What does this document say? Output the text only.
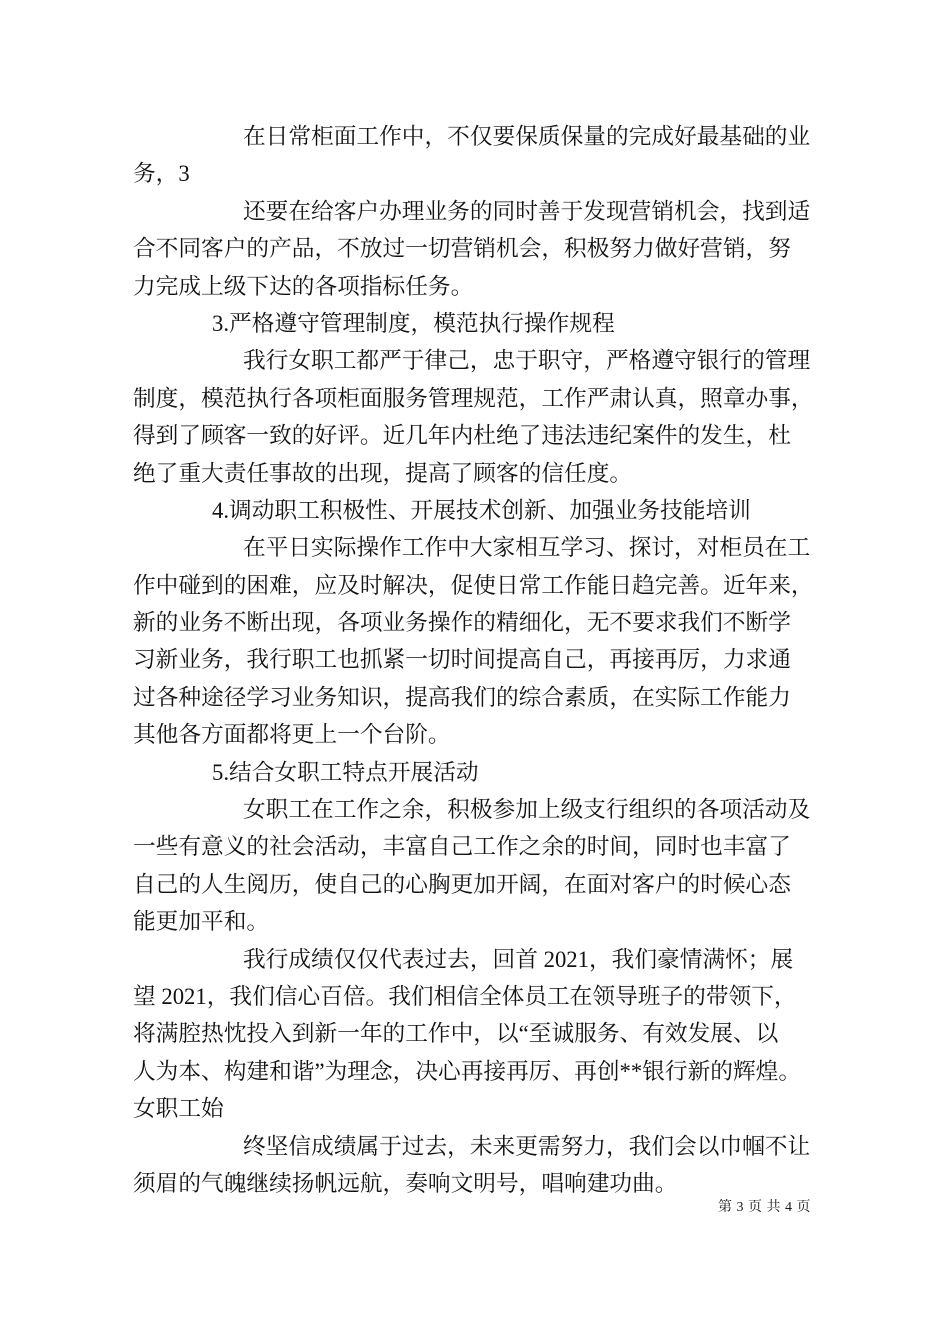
在日常柜面工作中，不仅要保质保量的完成好最基础的业
务，3
还要在给客户办理业务的同时善于发现营销机会，找到适
合不同客户的产品，不放过一切营销机会，积极努力做好营销，努
力完成上级下达的各项指标任务。
3.严格遵守管理制度，模范执行操作规程
我行女职工都严于律己，忠于职守，严格遵守银行的管理
制度，模范执行各项柜面服务管理规范，工作严肃认真，照章办事，
得到了顾客一致的好评。近几年内杜绝了违法违纪案件的发生，杜
绝了重大责任事故的出现，提高了顾客的信任度。
4.调动职工积极性、开展技术创新、加强业务技能培训
在平日实际操作工作中大家相互学习、探讨，对柜员在工
作中碰到的困难，应及时解决，促使日常工作能日趋完善。近年来，
新的业务不断出现，各项业务操作的精细化，无不要求我们不断学
习新业务，我行职工也抓紧一切时间提高自己，再接再厉，力求通
过各种途径学习业务知识，提高我们的综合素质，在实际工作能力
其他各方面都将更上一个台阶。
5.结合女职工特点开展活动
女职工在工作之余，积极参加上级支行组织的各项活动及
一些有意义的社会活动，丰富自己工作之余的时间，同时也丰富了
自己的人生阅历，使自己的心胸更加开阔，在面对客户的时候心态
能更加平和。
我行成绩仅仅代表过去，回首 2021，我们豪情满怀；展
望 2021，我们信心百倍。我们相信全体员工在领导班子的带领下，
将满腔热忱投入到新一年的工作中，以“至诚服务、有效发展、以
人为本、构建和谐”为理念，决心再接再厉、再创**银行新的辉煌。
女职工始
终坚信成绩属于过去，未来更需努力，我们会以巾帼不让
须眉的气魄继续扬帆远航，奏响文明号，唱响建功曲。
第 3 页 共 4 页
